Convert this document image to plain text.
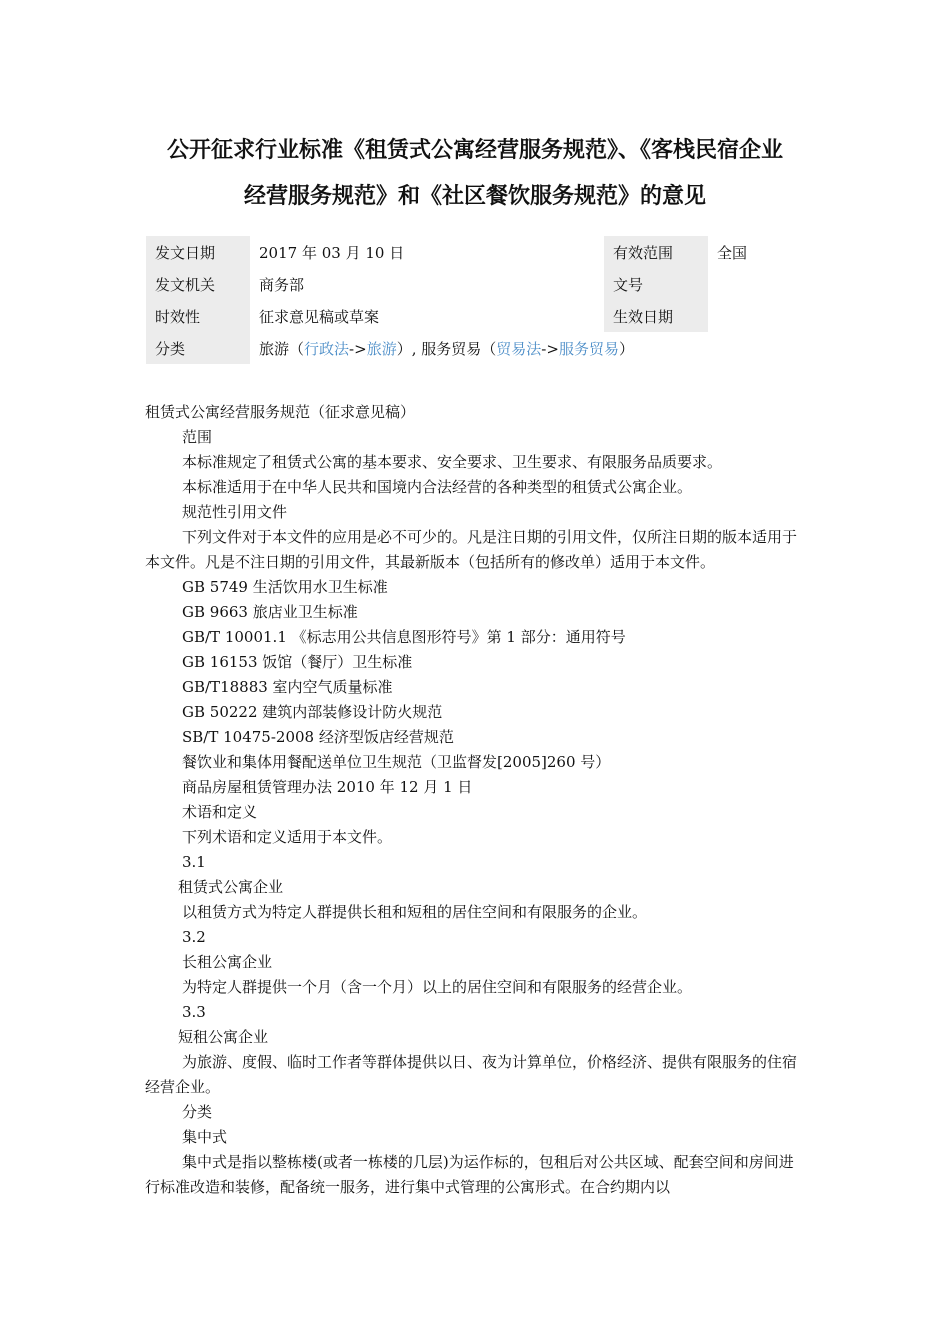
公开征求行业标准《租赁式公寓经营服务规范》、《客栈民宿企业
经营服务规范》和《社区餐饮服务规范》的意见
发文日期	2017 年 03 月 10 日	有效范围	全国
发文机关	商务部	文号	
时效性	征求意见稿或草案	生效日期	
分类	旅游（行政法->旅游）, 服务贸易（贸易法->服务贸易）		

租赁式公寓经营服务规范（征求意见稿）

范围

本标准规定了租赁式公寓的基本要求、安全要求、卫生要求、有限服务品质要求。

本标准适用于在中华人民共和国境内合法经营的各种类型的租赁式公寓企业。

规范性引用文件

下列文件对于本文件的应用是必不可少的。凡是注日期的引用文件，仅所注日期的版本适用于本文件。凡是不注日期的引用文件，其最新版本（包括所有的修改单）适用于本文件。

GB 5749 生活饮用水卫生标准

GB 9663 旅店业卫生标准

GB/T 10001.1 《标志用公共信息图形符号》第 1 部分：通用符号

GB 16153 饭馆（餐厅）卫生标准

GB/T18883 室内空气质量标准

GB 50222 建筑内部装修设计防火规范

SB/T 10475-2008 经济型饭店经营规范

餐饮业和集体用餐配送单位卫生规范（卫监督发[2005]260 号）

商品房屋租赁管理办法 2010 年 12 月 1 日

术语和定义

下列术语和定义适用于本文件。

3.1

租赁式公寓企业

以租赁方式为特定人群提供长租和短租的居住空间和有限服务的企业。

3.2

长租公寓企业

为特定人群提供一个月（含一个月）以上的居住空间和有限服务的经营企业。

3.3

短租公寓企业

为旅游、度假、临时工作者等群体提供以日、夜为计算单位，价格经济、提供有限服务的住宿经营企业。

分类

集中式

集中式是指以整栋楼(或者一栋楼的几层)为运作标的，包租后对公共区域、配套空间和房间进行标准改造和装修，配备统一服务，进行集中式管理的公寓形式。在合约期内以
